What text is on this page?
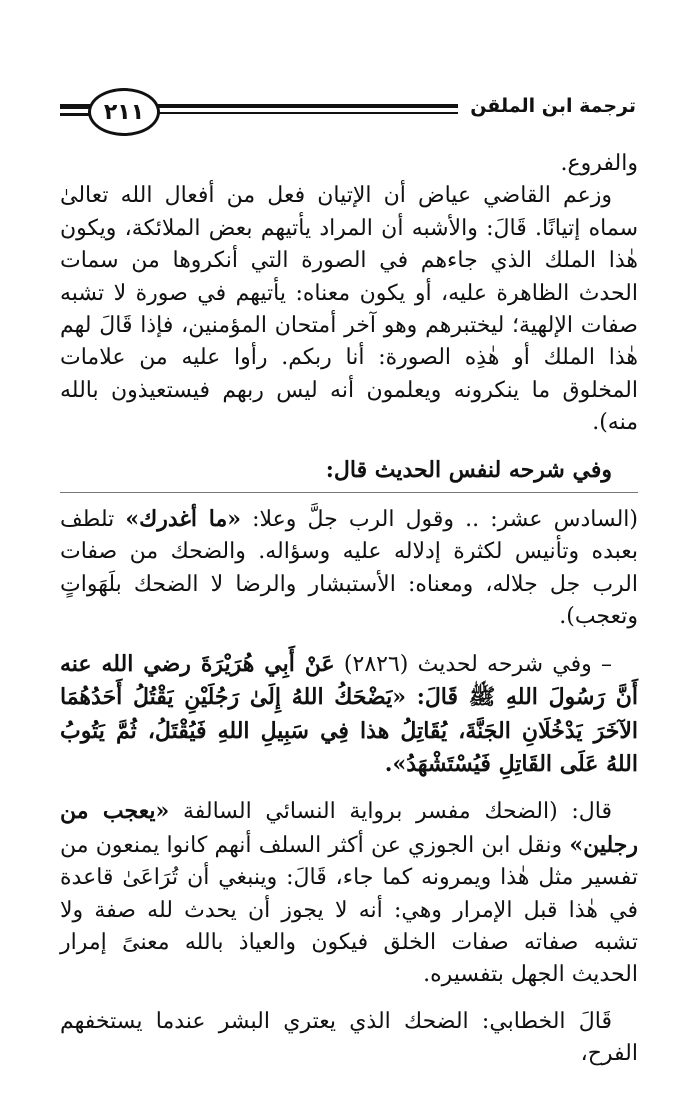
٢١١	ترجمة ابن الملقن

والفروع.

وزعم القاضي عياض أن الإتيان فعل من أفعال الله تعالىٰ سماه إتيانًا. قَالَ: والأشبه أن المراد يأتيهم بعض الملائكة، ويكون هٰذا الملك الذي جاءهم في الصورة التي أنكروها من سمات الحدث الظاهرة عليه، أو يكون معناه: يأتيهم في صورة لا تشبه صفات الإلهية؛ ليختبرهم وهو آخر أمتحان المؤمنين، فإذا قَالَ لهم هٰذا الملك أو هٰذِه الصورة: أنا ربكم. رأوا عليه من علامات المخلوق ما ينكرونه ويعلمون أنه ليس ربهم فيستعيذون بالله منه).

وفي شرحه لنفس الحديث قال:

(السادس عشر: .. وقول الرب جلَّ وعلا: «ما أغدرك» تلطف بعبده وتأنيس لكثرة إدلاله عليه وسؤاله. والضحك من صفات الرب جل جلاله، ومعناه: الأستبشار والرضا لا الضحك بلَهَواتٍ وتعجب).

– وفي شرحه لحديث (٢٨٢٦) عَنْ أَبِي هُرَيْرَةَ رضي الله عنه أَنَّ رَسُولَ اللهِ ﷺ قَالَ: «يَضْحَكُ اللهُ إِلَىٰ رَجُلَيْنِ يَقْتُلُ أَحَدُهُمَا الآخَرَ يَدْخُلَانِ الجَنَّةَ، يُقَاتِلُ هذا فِي سَبِيلِ اللهِ فَيُقْتَلُ، ثُمَّ يَتُوبُ اللهُ عَلَى القَاتِلِ فَيُسْتَشْهَدُ».

قال: (الضحك مفسر برواية النسائي السالفة «يعجب من رجلين» ونقل ابن الجوزي عن أكثر السلف أنهم كانوا يمنعون من تفسير مثل هٰذا ويمرونه كما جاء، قَالَ: وينبغي أن تُرَاعَىٰ قاعدة في هٰذا قبل الإمرار وهي: أنه لا يجوز أن يحدث لله صفة ولا تشبه صفاته صفات الخلق فيكون والعياذ بالله معنىً إمرار الحديث الجهل بتفسيره.

قَالَ الخطابي: الضحك الذي يعتري البشر عندما يستخفهم الفرح،
